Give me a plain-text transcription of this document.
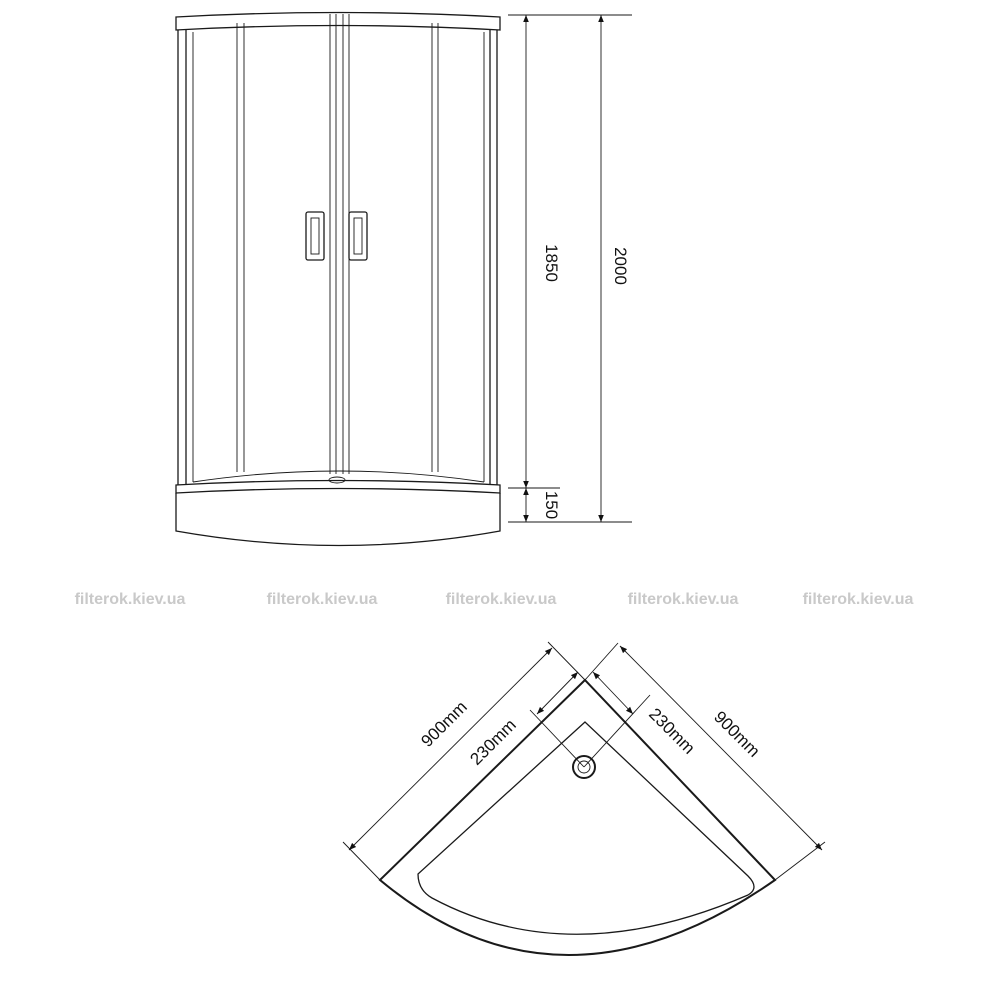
1850
150
2000
filterok.kiev.ua	filterok.kiev.ua	filterok.kiev.ua	filterok.kiev.ua	filterok.kiev.ua
900mm
230mm	230mm 900mm
